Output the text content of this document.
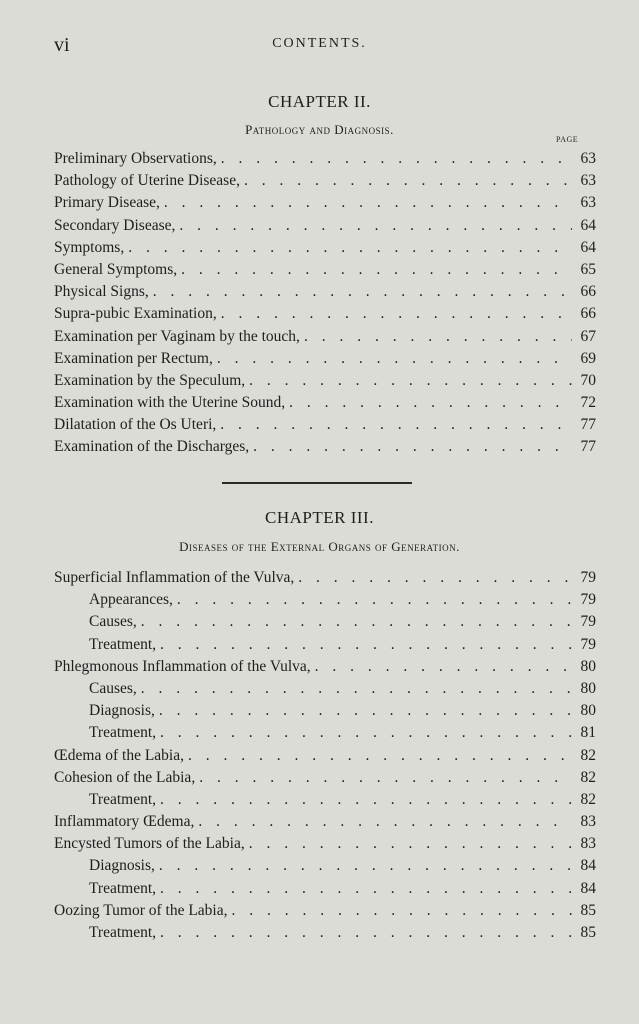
vi	CONTENTS.
CHAPTER II.
Pathology and Diagnosis.
PAGE
Preliminary Observations, . . .	63
Pathology of Uterine Disease, . . .	63
Primary Disease, . . .	63
Secondary Disease, . . .	64
Symptoms, . . .	64
General Symptoms, . . .	65
Physical Signs, . . .	66
Supra-pubic Examination, . . .	66
Examination per Vaginam by the touch, . . .	67
Examination per Rectum, . . .	69
Examination by the Speculum, . . .	70
Examination with the Uterine Sound, . . .	72
Dilatation of the Os Uteri, . . .	77
Examination of the Discharges, . . .	77
CHAPTER III.
Diseases of the External Organs of Generation.
Superficial Inflammation of the Vulva, . . .	79
Appearances, . . .	79
Causes, . . .	79
Treatment, . . .	79
Phlegmonous Inflammation of the Vulva, . . .	80
Causes, . . .	80
Diagnosis, . . .	80
Treatment, . . .	81
Œdema of the Labia, . . .	82
Cohesion of the Labia, . . .	82
Treatment, . . .	82
Inflammatory Œdema, . . .	83
Encysted Tumors of the Labia, . . .	83
Diagnosis, . . .	84
Treatment, . . .	84
Oozing Tumor of the Labia, . . .	85
Treatment, . . .	85
